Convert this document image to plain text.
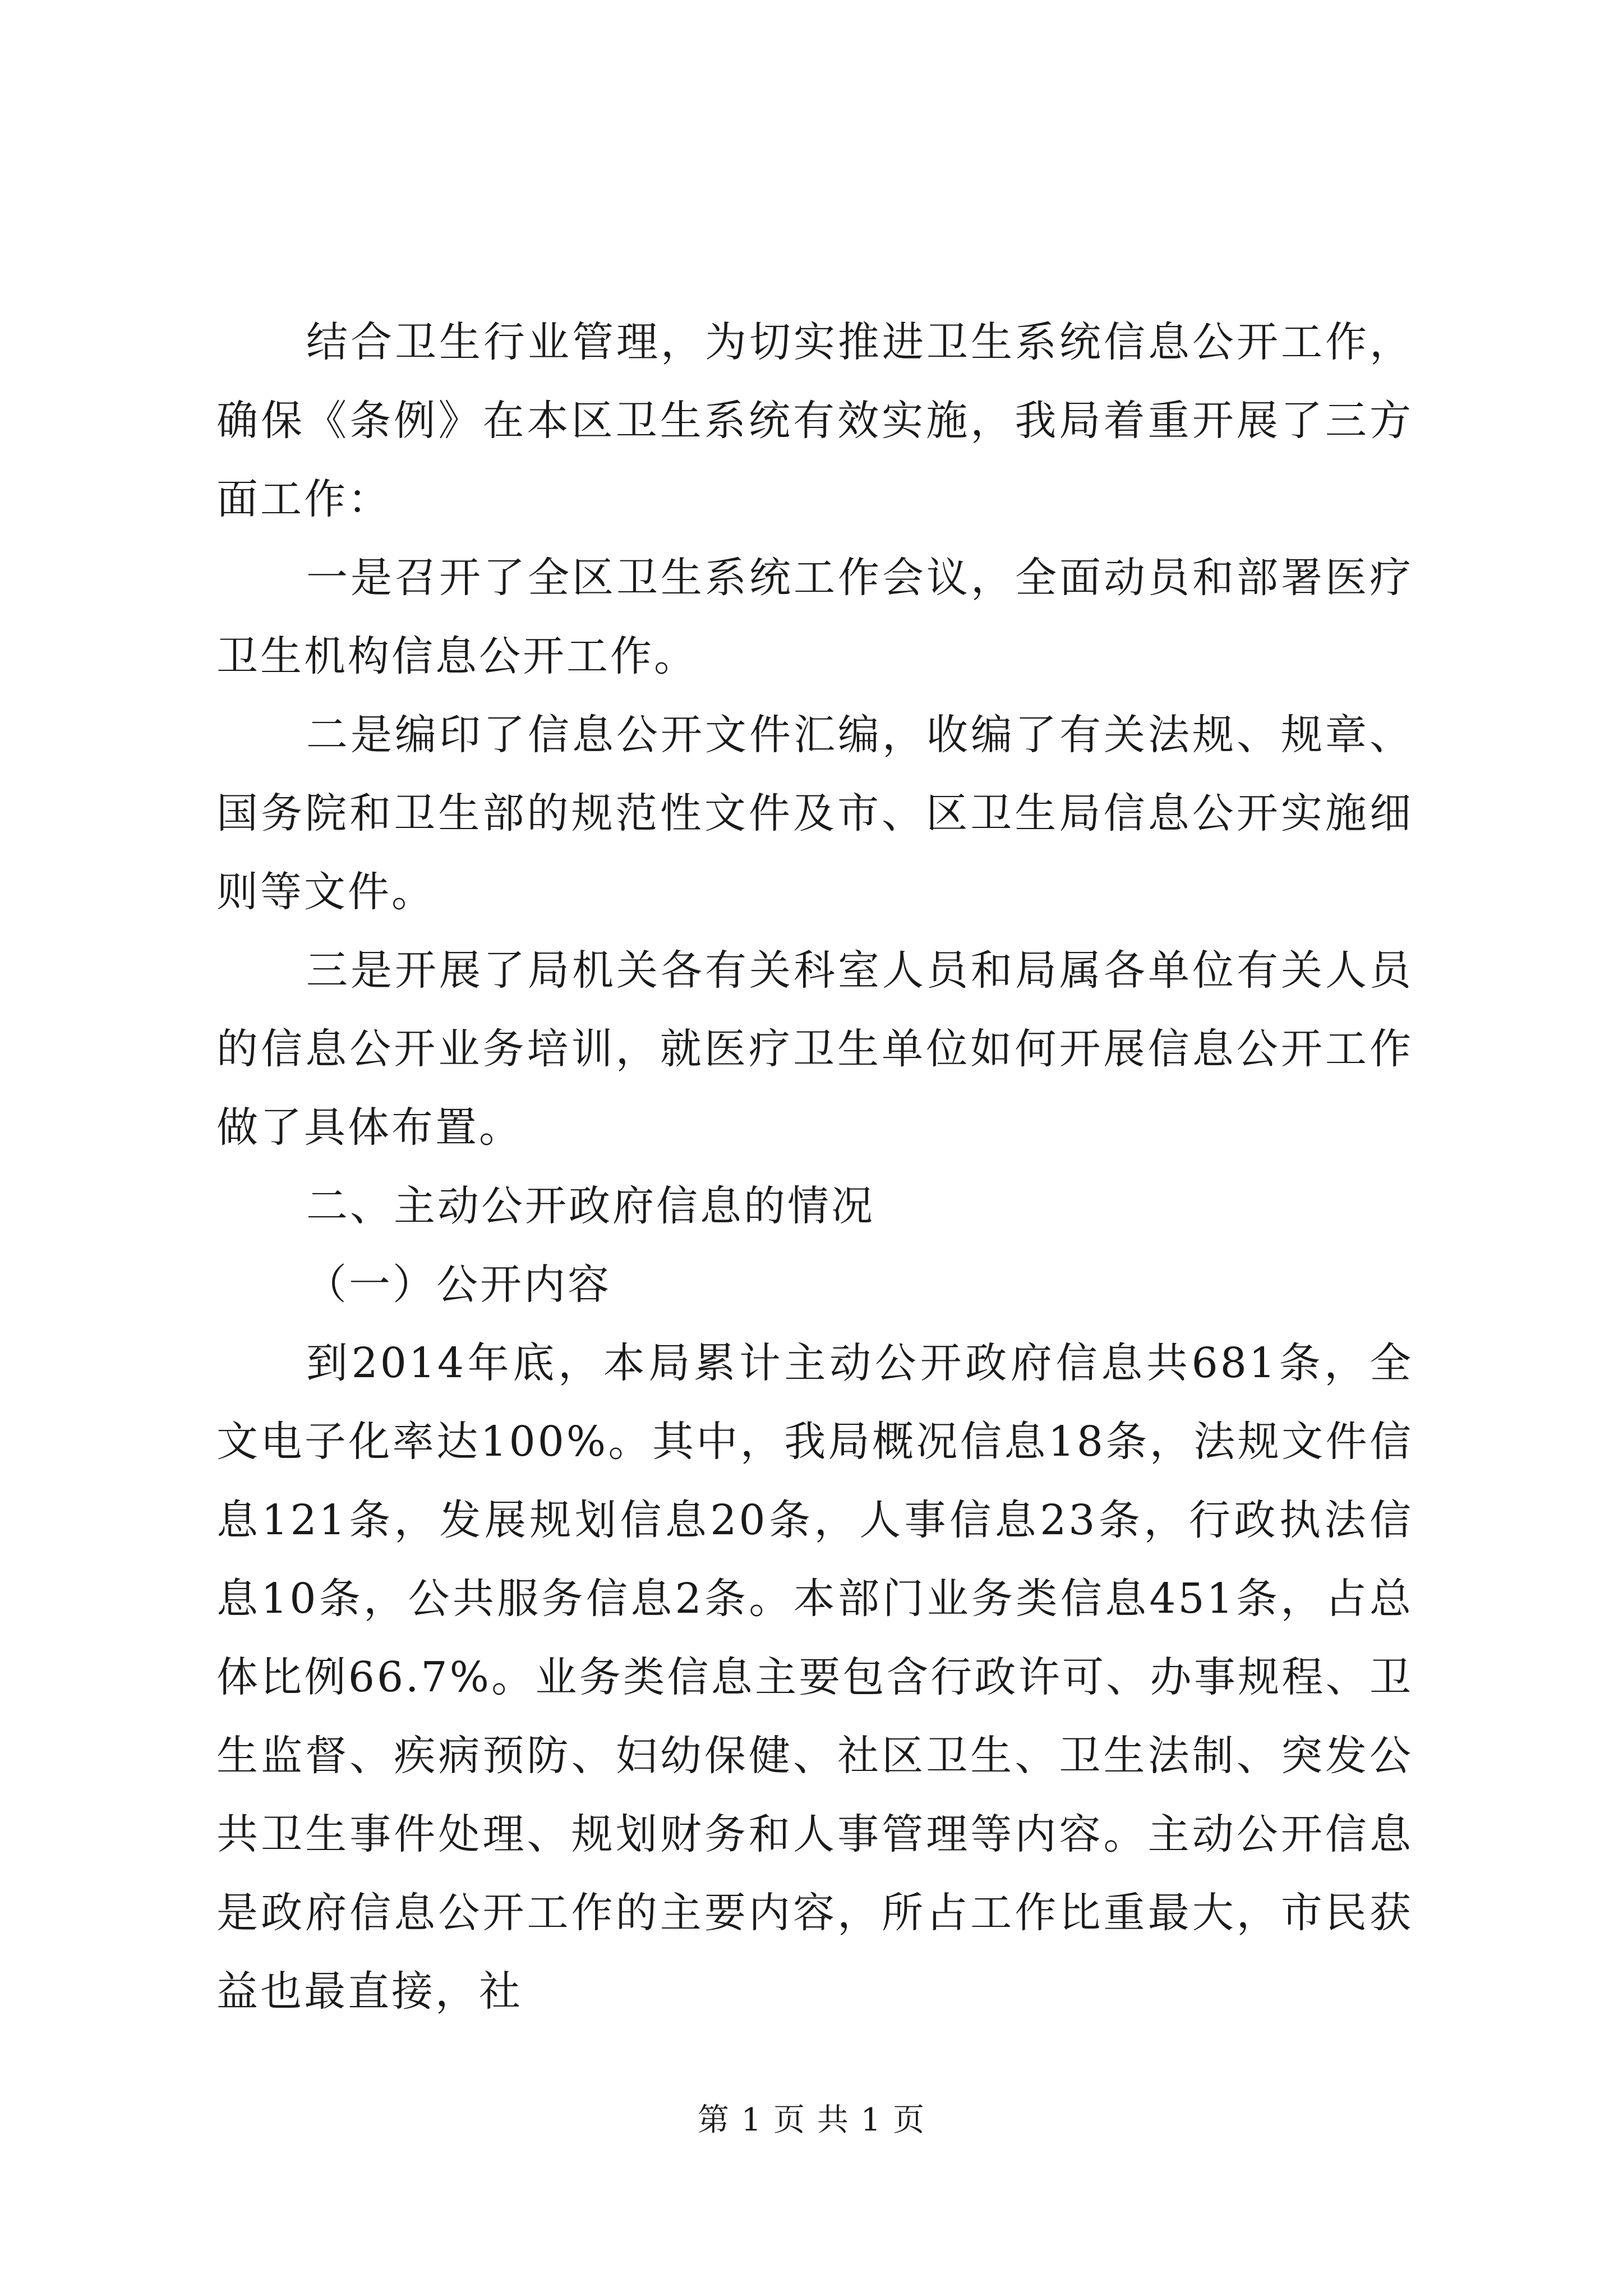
结合卫生行业管理，为切实推进卫生系统信息公开工作，确保《条例》在本区卫生系统有效实施，我局着重开展了三方面工作：

一是召开了全区卫生系统工作会议，全面动员和部署医疗卫生机构信息公开工作。

二是编印了信息公开文件汇编，收编了有关法规、规章、国务院和卫生部的规范性文件及市、区卫生局信息公开实施细则等文件。

三是开展了局机关各有关科室人员和局属各单位有关人员的信息公开业务培训，就医疗卫生单位如何开展信息公开工作做了具体布置。

二、主动公开政府信息的情况

（一）公开内容

到2014年底，本局累计主动公开政府信息共681条，全文电子化率达100%。其中，我局概况信息18条，法规文件信息121条，发展规划信息20条，人事信息23条，行政执法信息10条，公共服务信息2条。本部门业务类信息451条，占总体比例66.7%。业务类信息主要包含行政许可、办事规程、卫生监督、疾病预防、妇幼保健、社区卫生、卫生法制、突发公共卫生事件处理、规划财务和人事管理等内容。主动公开信息是政府信息公开工作的主要内容，所占工作比重最大，市民获益也最直接，社

第 1 页 共 1 页
